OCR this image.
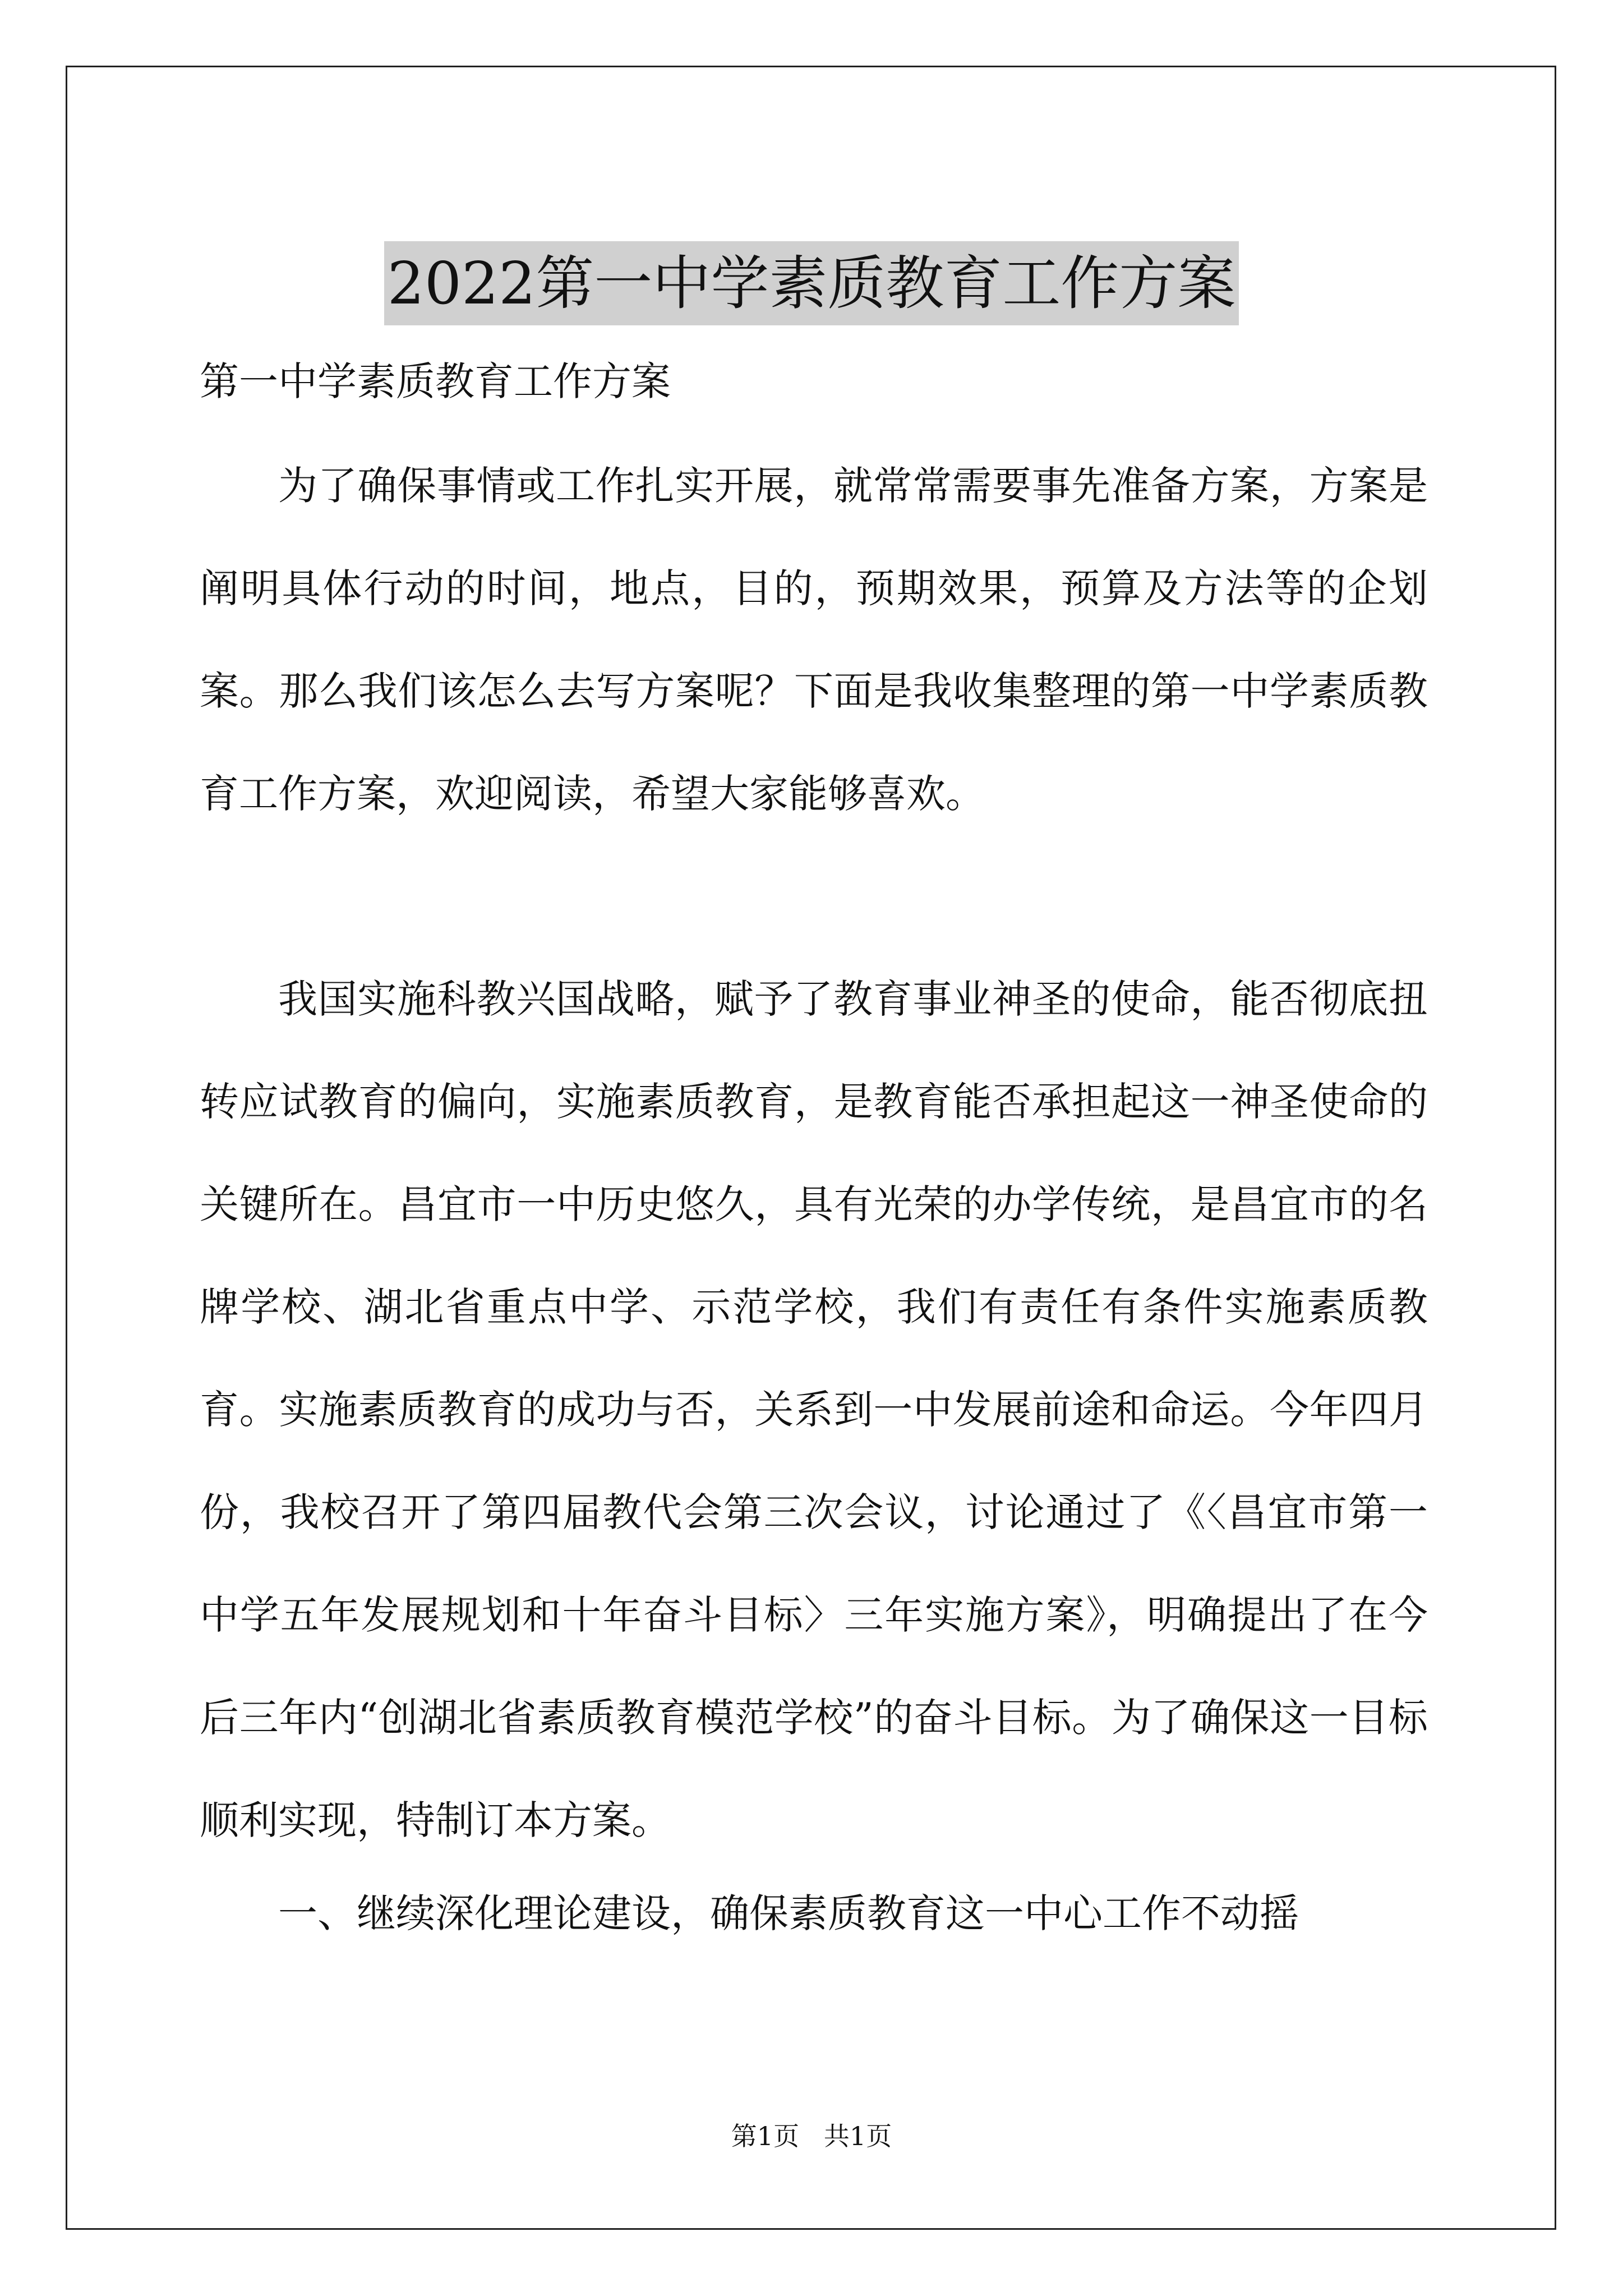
2022第一中学素质教育工作方案
第一中学素质教育工作方案

为了确保事情或工作扎实开展，就常常需要事先准备方案，方案是阐明具体行动的时间，地点，目的，预期效果，预算及方法等的企划案。那么我们该怎么去写方案呢？下面是我收集整理的第一中学素质教育工作方案，欢迎阅读，希望大家能够喜欢。

我国实施科教兴国战略，赋予了教育事业神圣的使命，能否彻底扭转应试教育的偏向，实施素质教育，是教育能否承担起这一神圣使命的关键所在。昌宜市一中历史悠久，具有光荣的办学传统，是昌宜市的名牌学校、湖北省重点中学、示范学校，我们有责任有条件实施素质教育。实施素质教育的成功与否，关系到一中发展前途和命运。今年四月份，我校召开了第四届教代会第三次会议，讨论通过了《〈昌宜市第一中学五年发展规划和十年奋斗目标〉三年实施方案》，明确提出了在今后三年内“创湖北省素质教育模范学校”的奋斗目标。为了确保这一目标顺利实现，特制订本方案。

一、继续深化理论建设，确保素质教育这一中心工作不动摇

第1页   共1页
